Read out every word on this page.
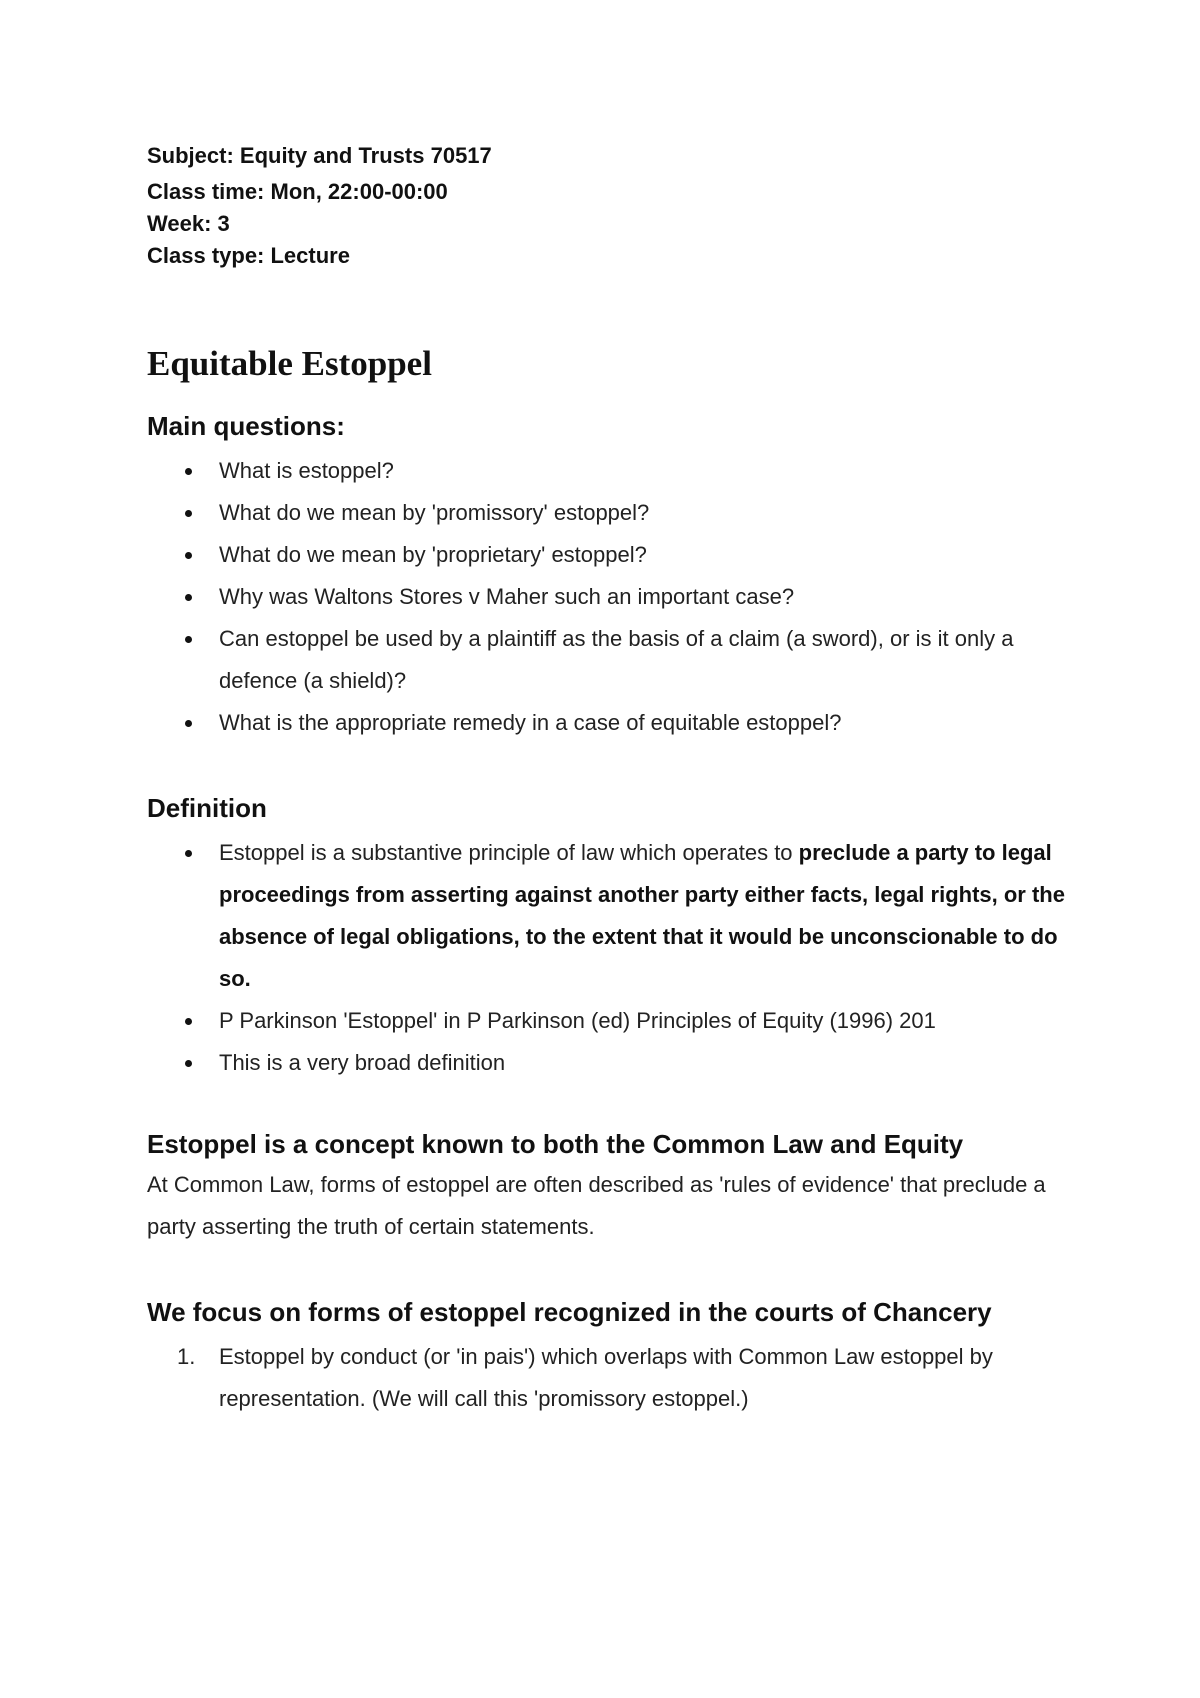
Subject: Equity and Trusts 70517
Class time: Mon, 22:00-00:00
Week: 3
Class type: Lecture
Equitable Estoppel
Main questions:
What is estoppel?
What do we mean by 'promissory' estoppel?
What do we mean by 'proprietary' estoppel?
Why was Waltons Stores v Maher such an important case?
Can estoppel be used by a plaintiff as the basis of a claim (a sword), or is it only a defence (a shield)?
What is the appropriate remedy in a case of equitable estoppel?
Definition
Estoppel is a substantive principle of law which operates to preclude a party to legal proceedings from asserting against another party either facts, legal rights, or the absence of legal obligations, to the extent that it would be unconscionable to do so.
P Parkinson 'Estoppel' in P Parkinson (ed) Principles of Equity (1996) 201
This is a very broad definition
Estoppel is a concept known to both the Common Law and Equity

At Common Law, forms of estoppel are often described as 'rules of evidence' that preclude a party asserting the truth of certain statements.

We focus on forms of estoppel recognized in the courts of Chancery
1. Estoppel by conduct (or 'in pais') which overlaps with Common Law estoppel by representation. (We will call this 'promissory estoppel.)
